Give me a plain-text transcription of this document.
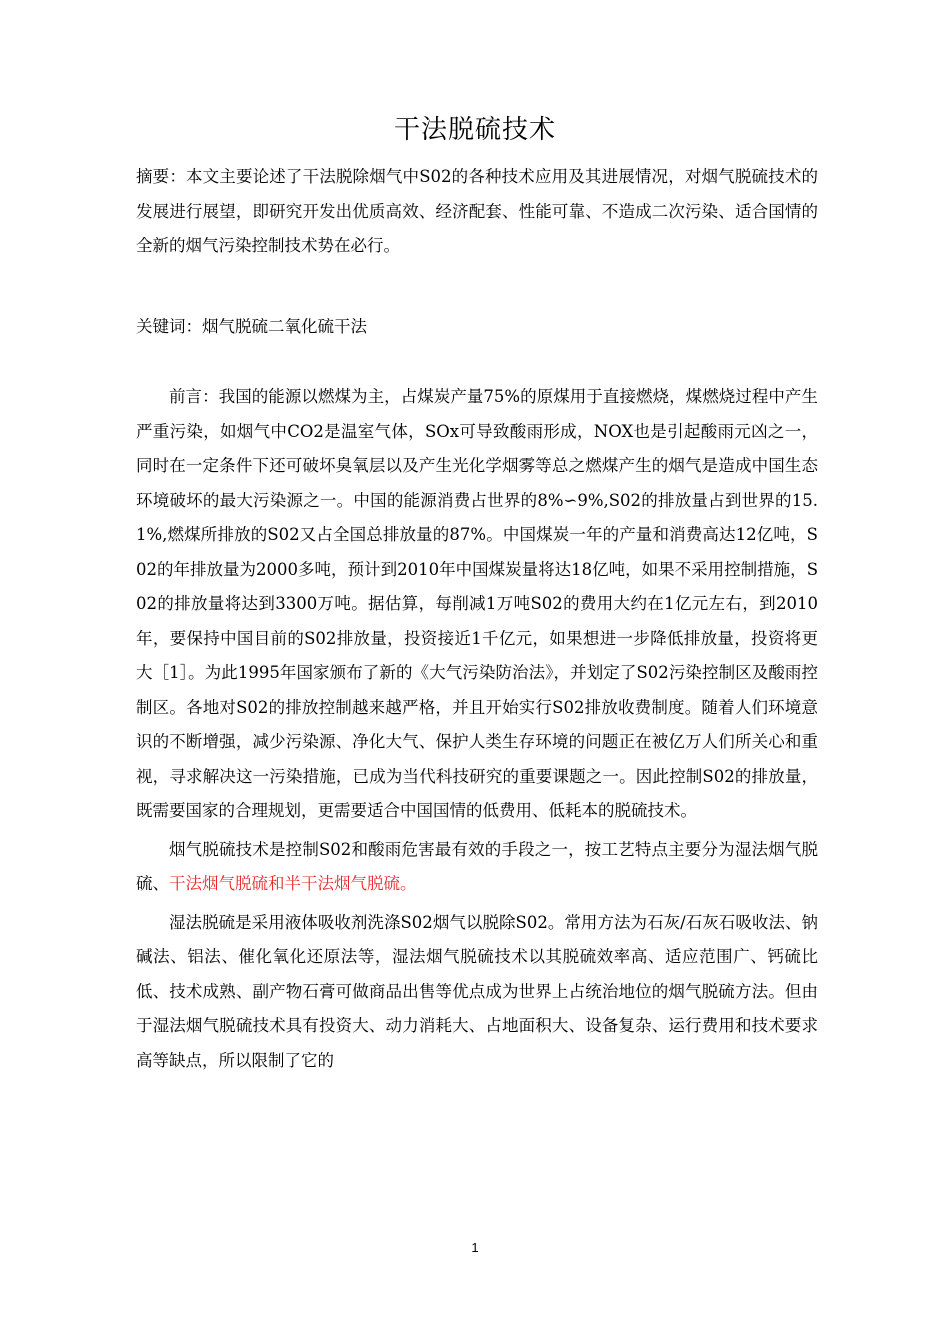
干法脱硫技术

摘要：本文主要论述了干法脱除烟气中S02的各种技术应用及其进展情况，对烟气脱硫技术的发展进行展望，即研究开发出优质高效、经济配套、性能可靠、不造成二次污染、适合国情的全新的烟气污染控制技术势在必行。

关键词：烟气脱硫二氧化硫干法

前言：我国的能源以燃煤为主，占煤炭产量75%的原煤用于直接燃烧，煤燃烧过程中产生严重污染，如烟气中CO2是温室气体，SOx可导致酸雨形成，NOX也是引起酸雨元凶之一，同时在一定条件下还可破坏臭氧层以及产生光化学烟雾等总之燃煤产生的烟气是造成中国生态环境破坏的最大污染源之一。中国的能源消费占世界的8%∽9%,S02的排放量占到世界的15.1%,燃煤所排放的S02又占全国总排放量的87%。中国煤炭一年的产量和消费高达12亿吨，S02的年排放量为2000多吨，预计到2010年中国煤炭量将达18亿吨，如果不采用控制措施，S02的排放量将达到3300万吨。据估算，每削减1万吨S02的费用大约在1亿元左右，到2010年，要保持中国目前的S02排放量，投资接近1千亿元，如果想进一步降低排放量，投资将更大［1］。为此1995年国家颁布了新的《大气污染防治法》，并划定了S02污染控制区及酸雨控制区。各地对S02的排放控制越来越严格，并且开始实行S02排放收费制度。随着人们环境意识的不断增强，减少污染源、净化大气、保护人类生存环境的问题正在被亿万人们所关心和重视，寻求解决这一污染措施，已成为当代科技研究的重要课题之一。因此控制S02的排放量，既需要国家的合理规划，更需要适合中国国情的低费用、低耗本的脱硫技术。

烟气脱硫技术是控制S02和酸雨危害最有效的手段之一，按工艺特点主要分为湿法烟气脱硫、干法烟气脱硫和半干法烟气脱硫。

湿法脱硫是采用液体吸收剂洗涤S02烟气以脱除S02。常用方法为石灰/石灰石吸收法、钠碱法、铝法、催化氧化还原法等，湿法烟气脱硫技术以其脱硫效率高、适应范围广、钙硫比低、技术成熟、副产物石膏可做商品出售等优点成为世界上占统治地位的烟气脱硫方法。但由于湿法烟气脱硫技术具有投资大、动力消耗大、占地面积大、设备复杂、运行费用和技术要求高等缺点，所以限制了它的

1
